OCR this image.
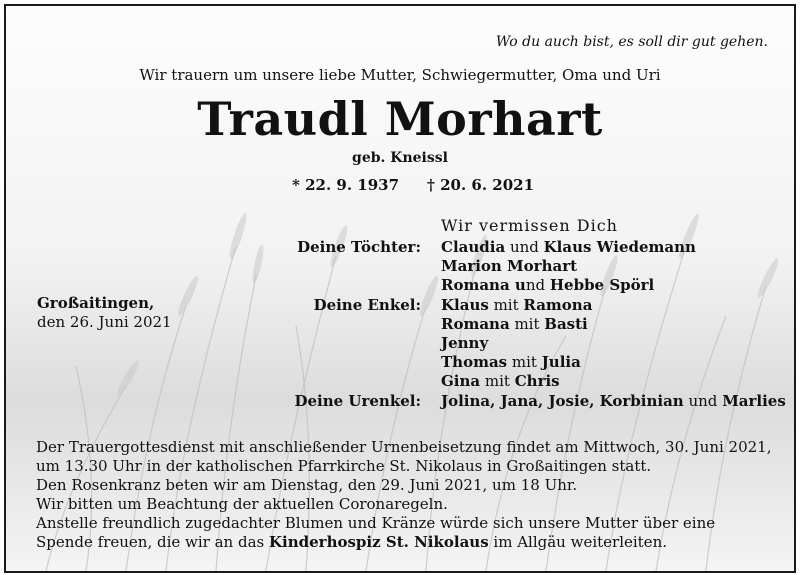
Wo du auch bist, es soll dir gut gehen.
Wir trauern um unsere liebe Mutter, Schwiegermutter, Oma und Uri
Traudl Morhart
geb. Kneissl
* 22. 9. 1937 † 20. 6. 2021
Großaitingen,
den 26. Juni 2021
Wir vermissen Dich
Deine Töchter: Claudia und Klaus Wiedemann
Marion Morhart
Romana und Hebbe Spörl
Deine Enkel: Klaus mit Ramona
Romana mit Basti
Jenny
Thomas mit Julia
Gina mit Chris
Deine Urenkel: Jolina, Jana, Josie, Korbinian und Marlies
Der Trauergottesdienst mit anschließender Urnenbeisetzung findet am Mittwoch, 30. Juni 2021,
um 13.30 Uhr in der katholischen Pfarrkirche St. Nikolaus in Großaitingen statt.
Den Rosenkranz beten wir am Dienstag, den 29. Juni 2021, um 18 Uhr.
Wir bitten um Beachtung der aktuellen Coronaregeln.
Anstelle freundlich zugedachter Blumen und Kränze würde sich unsere Mutter über eine
Spende freuen, die wir an das Kinderhospiz St. Nikolaus im Allgäu weiterleiten.
